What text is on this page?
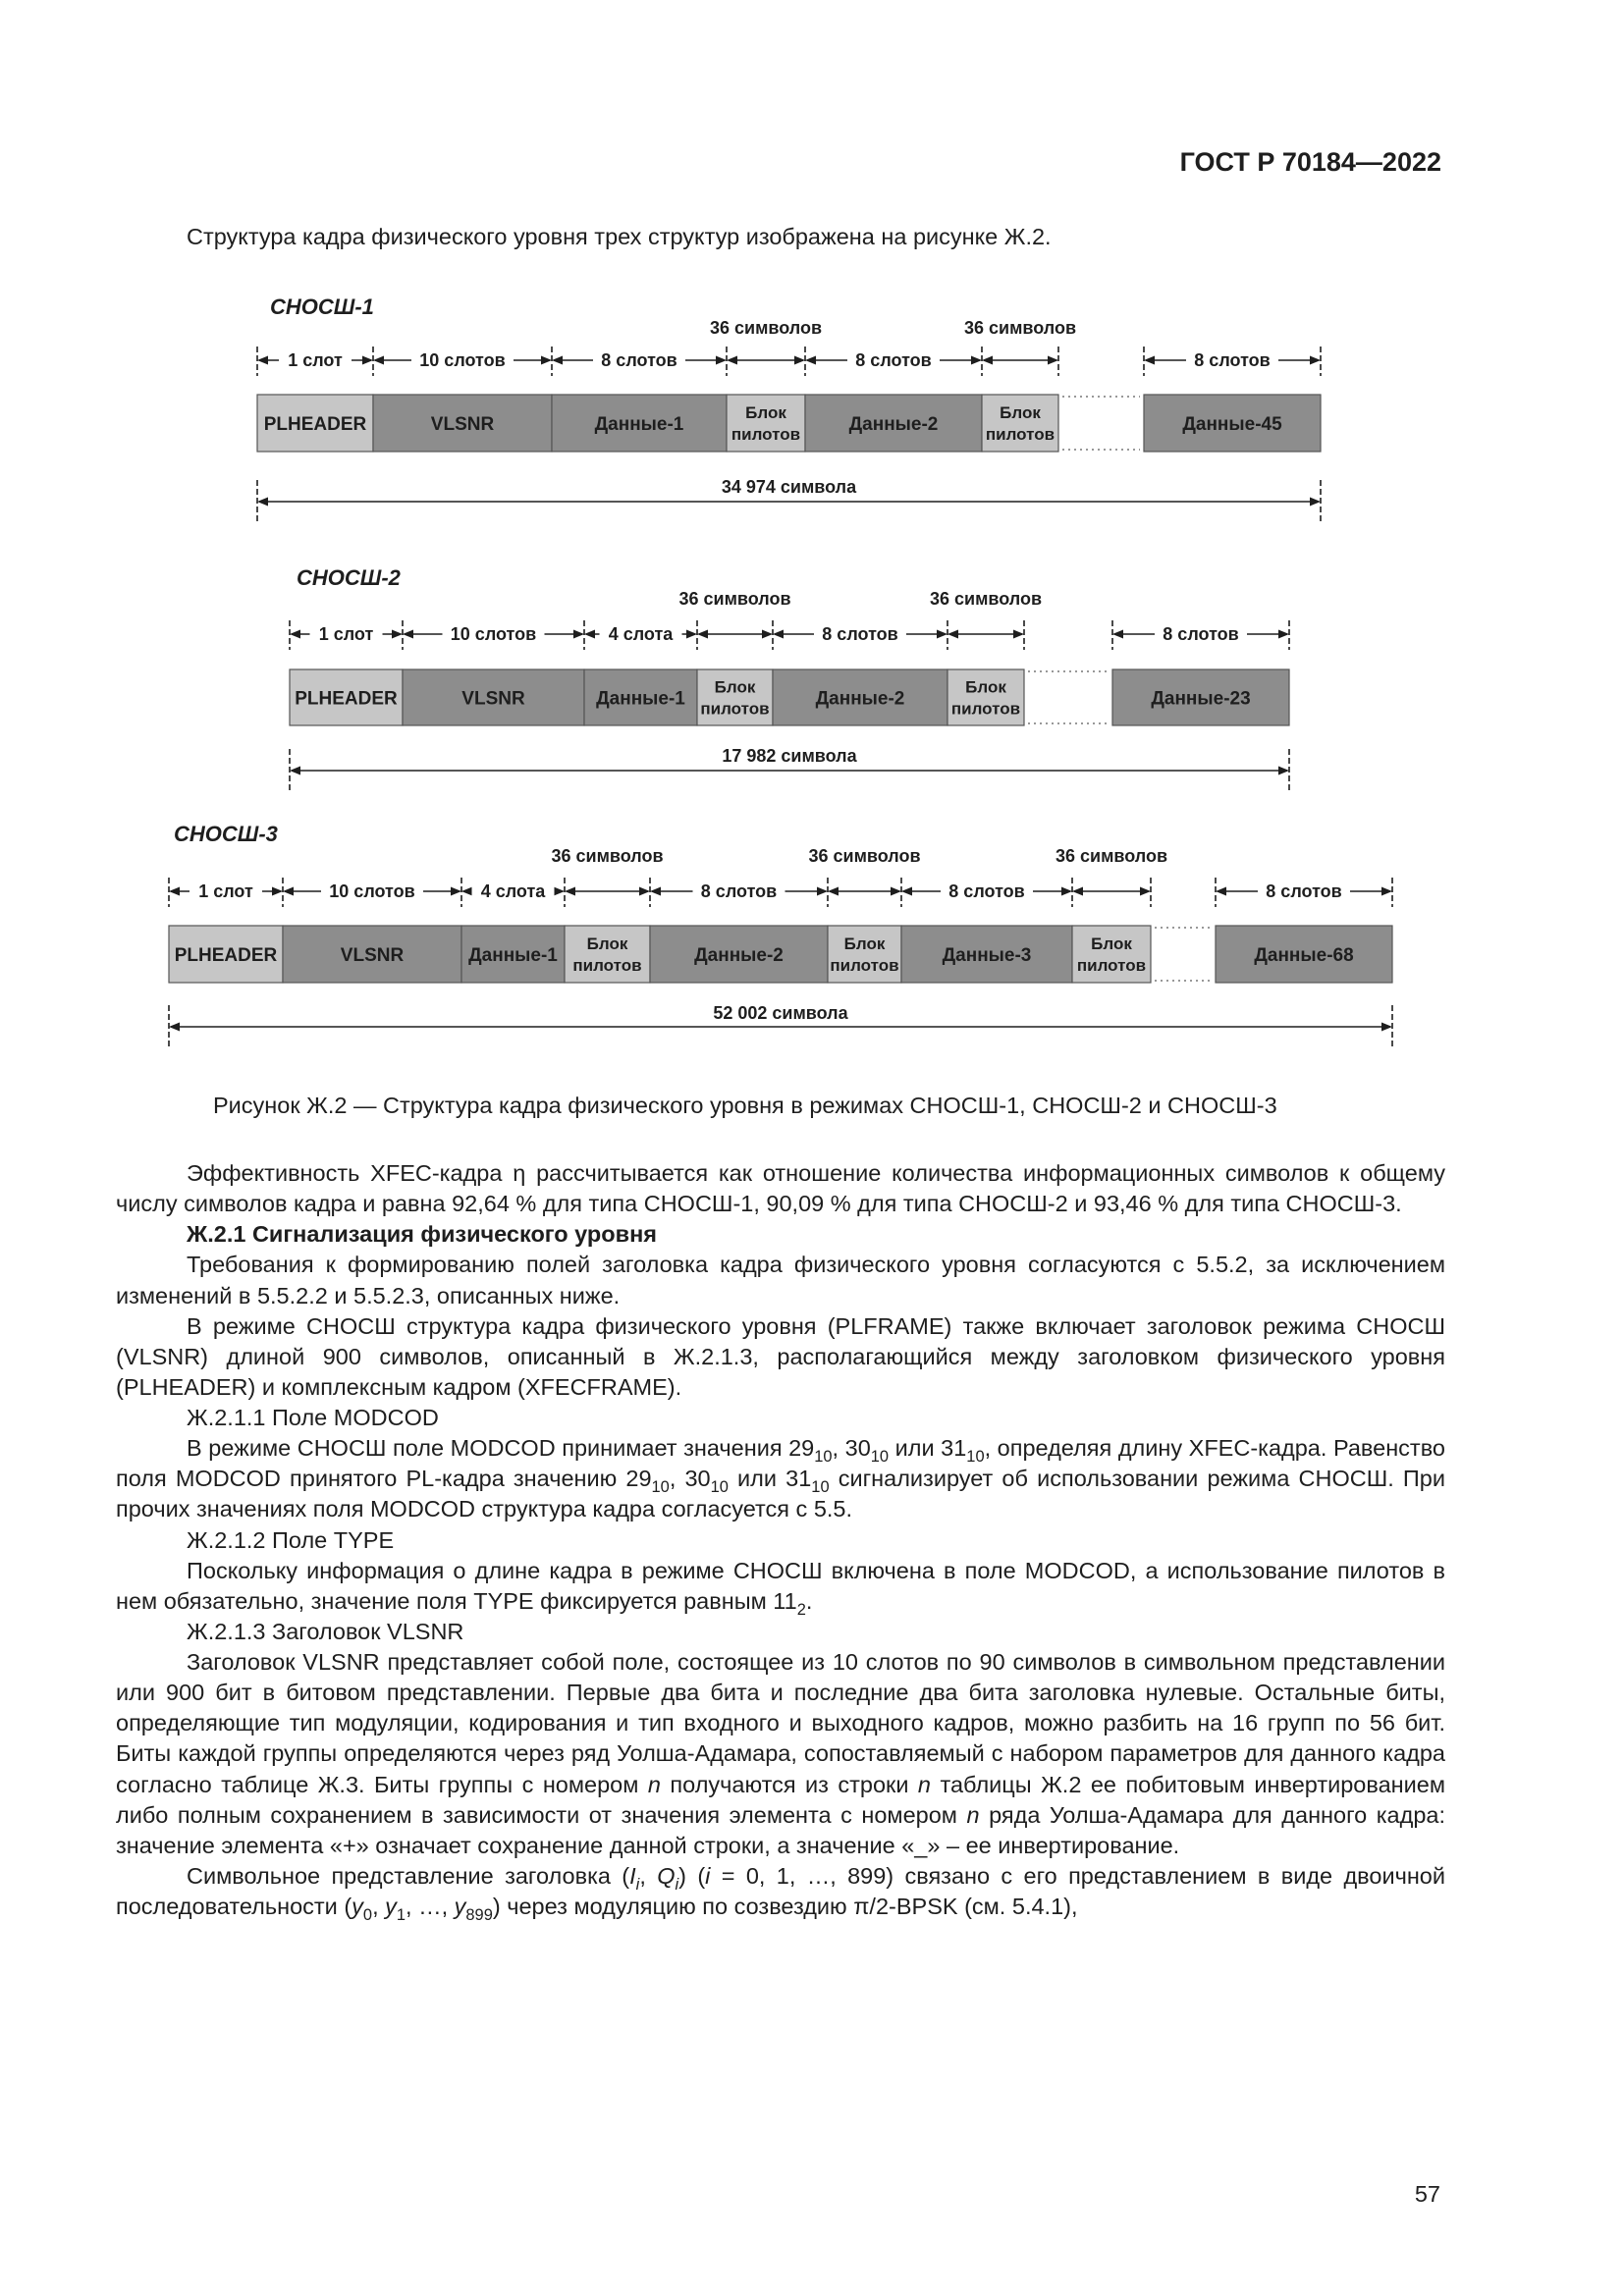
ГОСТ Р 70184—2022
Структура кадра физического уровня трех структур изображена на рисунке Ж.2.
СНОСШ-1
PLHEADER
1 слот
VLSNR
10 слотов
Данные-1
8 слотов
Блок
пилотов
36 символов
Данные-2
8 слотов
Блок
пилотов
36 символов
Данные-45
8 слотов
34 974 символа
СНОСШ-2
PLHEADER
1 слот
VLSNR
10 слотов
Данные-1
4 слота
Блок
пилотов
36 символов
Данные-2
8 слотов
Блок
пилотов
36 символов
Данные-23
8 слотов
17 982 символа
СНОСШ-3
PLHEADER
1 слот
VLSNR
10 слотов
Данные-1
4 слота
Блок
пилотов
36 символов
Данные-2
8 слотов
Блок
пилотов
36 символов
Данные-3
8 слотов
Блок
пилотов
36 символов
Данные-68
8 слотов
52 002 символа
Рисунок Ж.2 — Структура кадра физического уровня в режимах СНОСШ-1, СНОСШ-2 и СНОСШ-3

Эффективность XFEC-кадра η рассчитывается как отношение количества информационных символов к общему числу символов кадра и равна 92,64 % для типа СНОСШ-1, 90,09 % для типа СНОСШ-2 и 93,46 % для типа СНОСШ-3.

Ж.2.1 Сигнализация физического уровня

Требования к формированию полей заголовка кадра физического уровня согласуются с 5.5.2, за исключением изменений в 5.5.2.2 и 5.5.2.3, описанных ниже.

В режиме СНОСШ структура кадра физического уровня (PLFRAME) также включает заголовок режима СНОСШ (VLSNR) длиной 900 символов, описанный в Ж.2.1.3, располагающийся между заголовком физического уровня (PLHEADER) и комплексным кадром (XFECFRAME).

Ж.2.1.1 Поле MODCOD

В режиме СНОСШ поле MODCOD принимает значения $29_{10}$, $30_{10}$ или $31_{10}$, определяя длину XFEC-кадра. Равенство поля MODCOD принятого PL-кадра значению $29_{10}$, $30_{10}$ или $31_{10}$ сигнализирует об использовании режима СНОСШ. При прочих значениях поля MODCOD структура кадра согласуется с 5.5.

Ж.2.1.2 Поле TYPE

Поскольку информация о длине кадра в режиме СНОСШ включена в поле MODCOD, а использование пилотов в нем обязательно, значение поля TYPE фиксируется равным $11_2$.

Ж.2.1.3 Заголовок VLSNR

Заголовок VLSNR представляет собой поле, состоящее из 10 слотов по 90 символов в символьном представлении или 900 бит в битовом представлении. Первые два бита и последние два бита заголовка нулевые. Остальные биты, определяющие тип модуляции, кодирования и тип входного и выходного кадров, можно разбить на 16 групп по 56 бит. Биты каждой группы определяются через ряд Уолша-Адамара, сопоставляемый с набором параметров для данного кадра согласно таблице Ж.3. Биты группы с номером n получаются из строки n таблицы Ж.2 ее побитовым инвертированием либо полным сохранением в зависимости от значения элемента с номером n ряда Уолша-Адамара для данного кадра: значение элемента «+» означает сохранение данной строки, а значение «_» – ее инвертирование.

Символьное представление заголовка ($I_i$, $Q_i$) (i = 0, 1, …, 899) связано с его представлением в виде двоичной последовательности ($y_0$, $y_1$, …, $y_{899}$) через модуляцию по созвездию π/2-BPSK (см. 5.4.1),

57
